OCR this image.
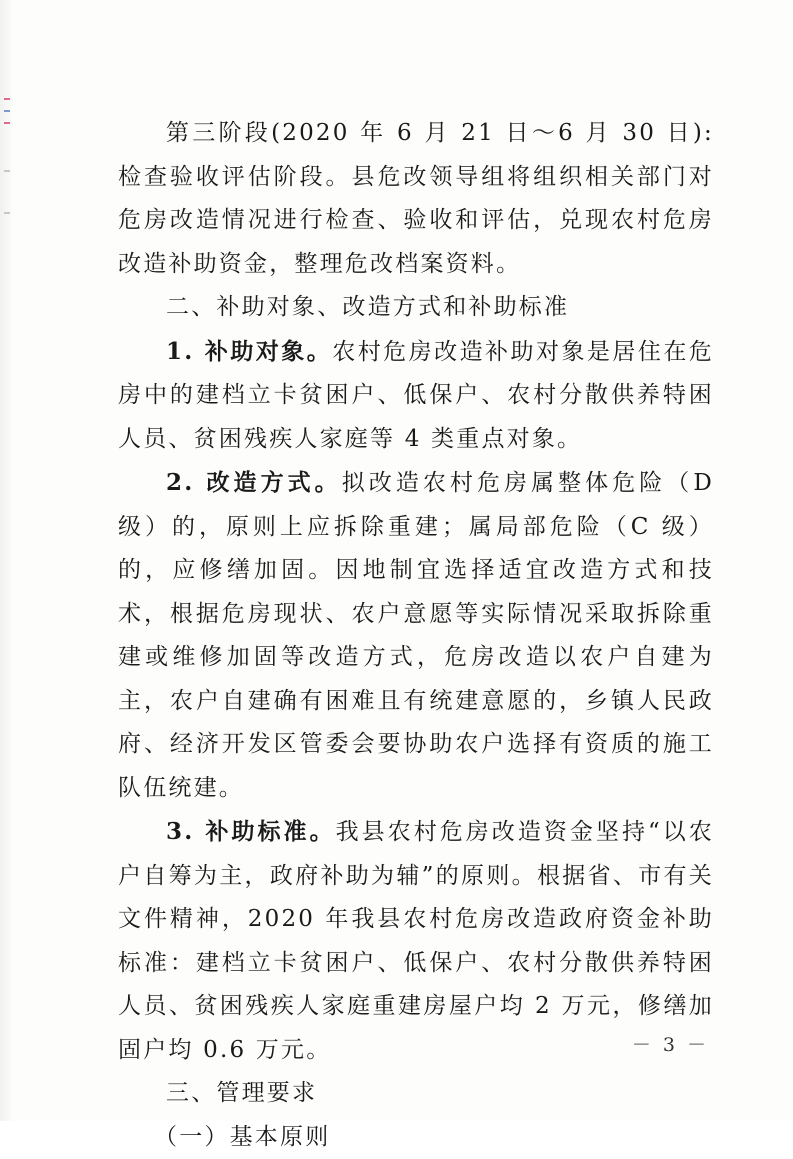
第三阶段(2020 年 6 月 21 日～6 月 30 日): 检查验收评估阶段。县危改领导组将组织相关部门对危房改造情况进行检查、验收和评估，兑现农村危房改造补助资金，整理危改档案资料。

二、补助对象、改造方式和补助标准

1. 补助对象。农村危房改造补助对象是居住在危房中的建档立卡贫困户、低保户、农村分散供养特困人员、贫困残疾人家庭等 4 类重点对象。

2. 改造方式。拟改造农村危房属整体危险（D 级）的，原则上应拆除重建；属局部危险（C 级）的，应修缮加固。因地制宜选择适宜改造方式和技术，根据危房现状、农户意愿等实际情况采取拆除重建或维修加固等改造方式，危房改造以农户自建为主，农户自建确有困难且有统建意愿的，乡镇人民政府、经济开发区管委会要协助农户选择有资质的施工队伍统建。

3. 补助标准。我县农村危房改造资金坚持“以农户自筹为主，政府补助为辅”的原则。根据省、市有关文件精神，2020 年我县农村危房改造政府资金补助标准：建档立卡贫困户、低保户、农村分散供养特困人员、贫困残疾人家庭重建房屋户均 2 万元，修缮加固户均 0.6 万元。

三、管理要求

（一）基本原则

－ 3 －
